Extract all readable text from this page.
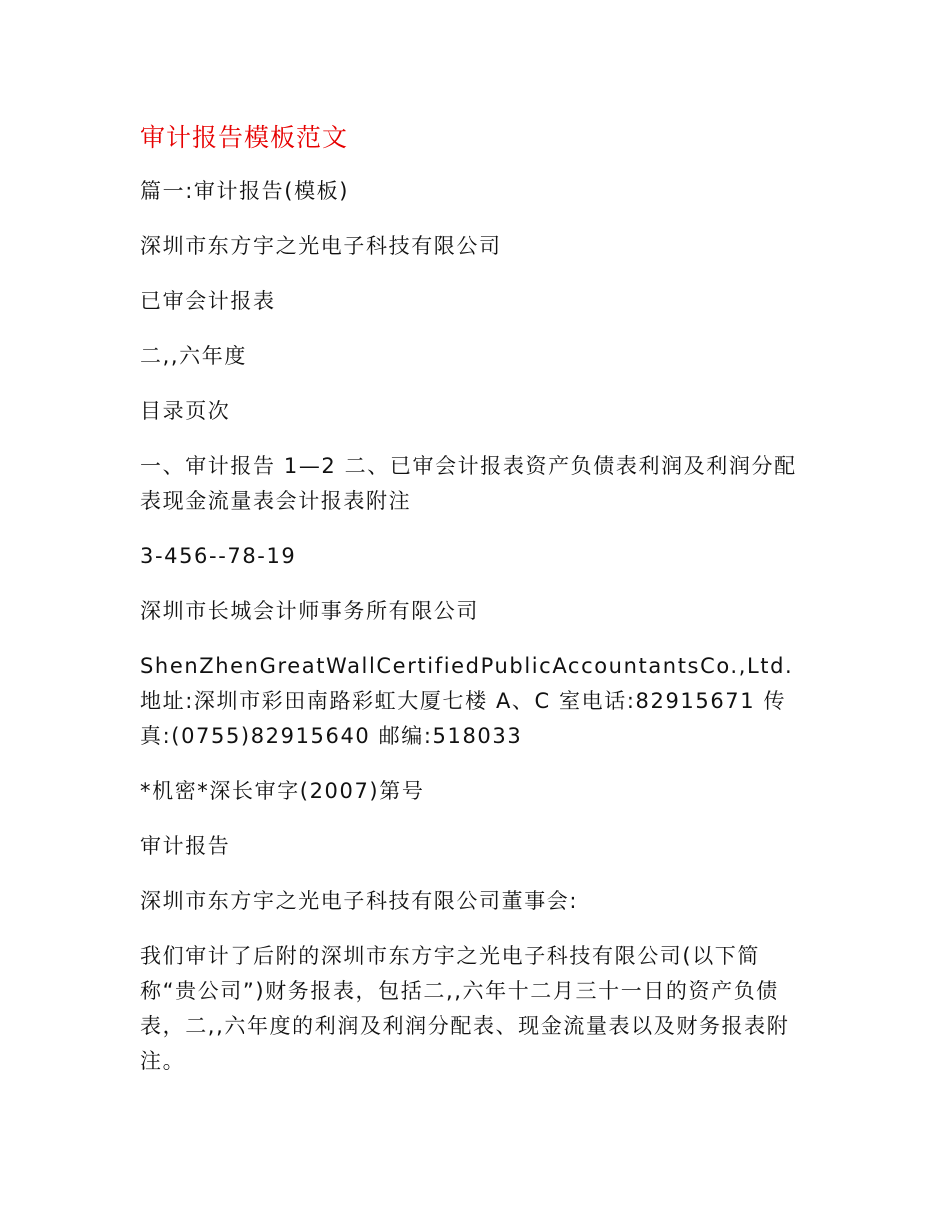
审计报告模板范文
篇一:审计报告(模板)
深圳市东方宇之光电子科技有限公司
已审会计报表
二,,六年度
目录页次
一、审计报告 1—2 二、已审会计报表资产负债表利润及利润分配表现金流量表会计报表附注
3-456--78-19
深圳市长城会计师事务所有限公司
ShenZhenGreatWallCertifiedPublicAccountantsCo.,Ltd.地址:深圳市彩田南路彩虹大厦七楼 A、C 室电话:82915671 传真:(0755)82915640 邮编:518033
*机密*深长审字(2007)第号
审计报告
深圳市东方宇之光电子科技有限公司董事会:
我们审计了后附的深圳市东方宇之光电子科技有限公司(以下简称“贵公司”)财务报表，包括二,,六年十二月三十一日的资产负债表，二,,六年度的利润及利润分配表、现金流量表以及财务报表附注。
